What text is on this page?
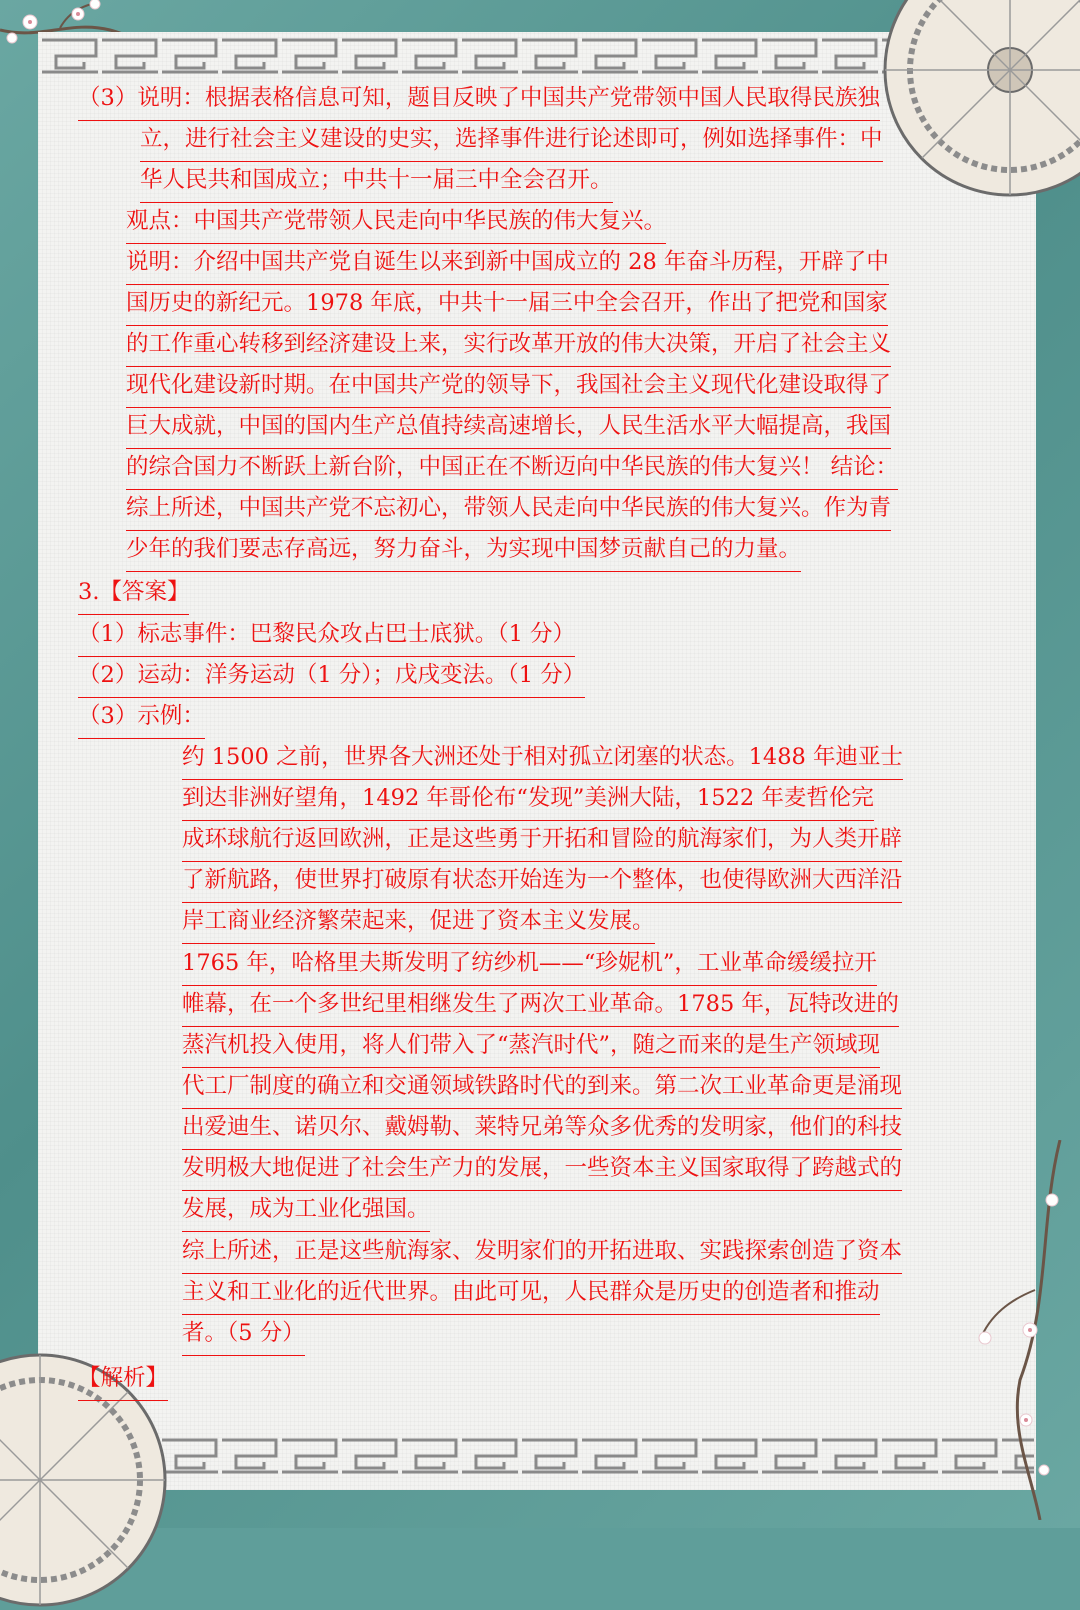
（3）说明：根据表格信息可知，题目反映了中国共产党带领中国人民取得民族独
立，进行社会主义建设的史实，选择事件进行论述即可，例如选择事件：中
华人民共和国成立；中共十一届三中全会召开。
观点：中国共产党带领人民走向中华民族的伟大复兴。
说明：介绍中国共产党自诞生以来到新中国成立的 28 年奋斗历程，开辟了中
国历史的新纪元。1978 年底，中共十一届三中全会召开，作出了把党和国家
的工作重心转移到经济建设上来，实行改革开放的伟大决策，开启了社会主义
现代化建设新时期。在中国共产党的领导下，我国社会主义现代化建设取得了
巨大成就，中国的国内生产总值持续高速增长，人民生活水平大幅提高，我国
的综合国力不断跃上新台阶，中国正在不断迈向中华民族的伟大复兴！ 结论：
综上所述，中国共产党不忘初心，带领人民走向中华民族的伟大复兴。作为青
少年的我们要志存高远，努力奋斗，为实现中国梦贡献自己的力量。
3.【答案】
（1）标志事件：巴黎民众攻占巴士底狱。（1 分）
（2）运动：洋务运动（1 分）；戊戌变法。（1 分）
（3）示例：
约 1500 之前，世界各大洲还处于相对孤立闭塞的状态。1488 年迪亚士
到达非洲好望角，1492 年哥伦布“发现”美洲大陆，1522 年麦哲伦完
成环球航行返回欧洲，正是这些勇于开拓和冒险的航海家们，为人类开辟
了新航路，使世界打破原有状态开始连为一个整体，也使得欧洲大西洋沿
岸工商业经济繁荣起来，促进了资本主义发展。
1765 年，哈格里夫斯发明了纺纱机——“珍妮机”，工业革命缓缓拉开
帷幕，在一个多世纪里相继发生了两次工业革命。1785 年，瓦特改进的
蒸汽机投入使用，将人们带入了“蒸汽时代”，随之而来的是生产领域现
代工厂制度的确立和交通领域铁路时代的到来。第二次工业革命更是涌现
出爱迪生、诺贝尔、戴姆勒、莱特兄弟等众多优秀的发明家，他们的科技
发明极大地促进了社会生产力的发展，一些资本主义国家取得了跨越式的
发展，成为工业化强国。
综上所述，正是这些航海家、发明家们的开拓进取、实践探索创造了资本
主义和工业化的近代世界。由此可见，人民群众是历史的创造者和推动
者。（5 分）
【解析】
